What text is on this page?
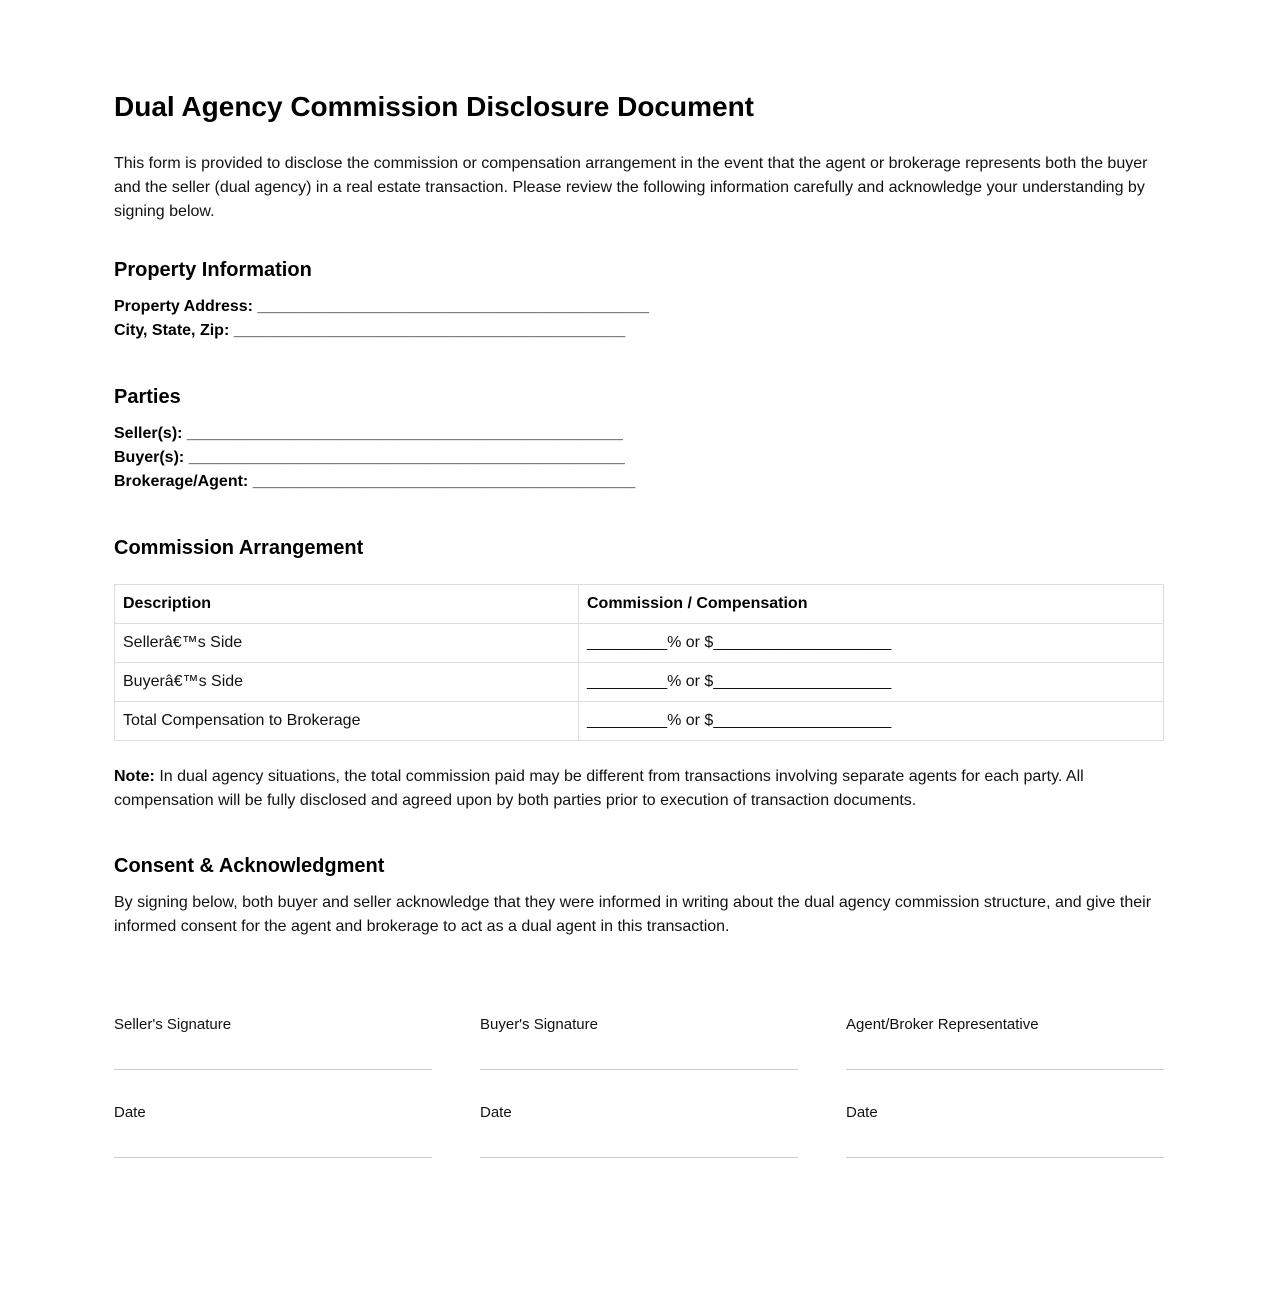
Dual Agency Commission Disclosure Document

This form is provided to disclose the commission or compensation arrangement in the event that the agent or brokerage represents both the buyer and the seller (dual agency) in a real estate transaction. Please review the following information carefully and acknowledge your understanding by signing below.

Property Information
Property Address: ____________________________________________
City, State, Zip: ____________________________________________
Parties
Seller(s): _________________________________________________
Buyer(s): _________________________________________________
Brokerage/Agent: ___________________________________________
Commission Arrangement
Description	Commission / Compensation
Sellerâ€™s Side	_________% or $____________________
Buyerâ€™s Side	_________% or $____________________
Total Compensation to Brokerage	_________% or $____________________

Note: In dual agency situations, the total commission paid may be different from transactions involving separate agents for each party. All compensation will be fully disclosed and agreed upon by both parties prior to execution of transaction documents.

Consent & Acknowledgment

By signing below, both buyer and seller acknowledge that they were informed in writing about the dual agency commission structure, and give their informed consent for the agent and brokerage to act as a dual agent in this transaction.

Seller's Signature	Buyer's Signature	Agent/Broker Representative
Date	Date	Date
